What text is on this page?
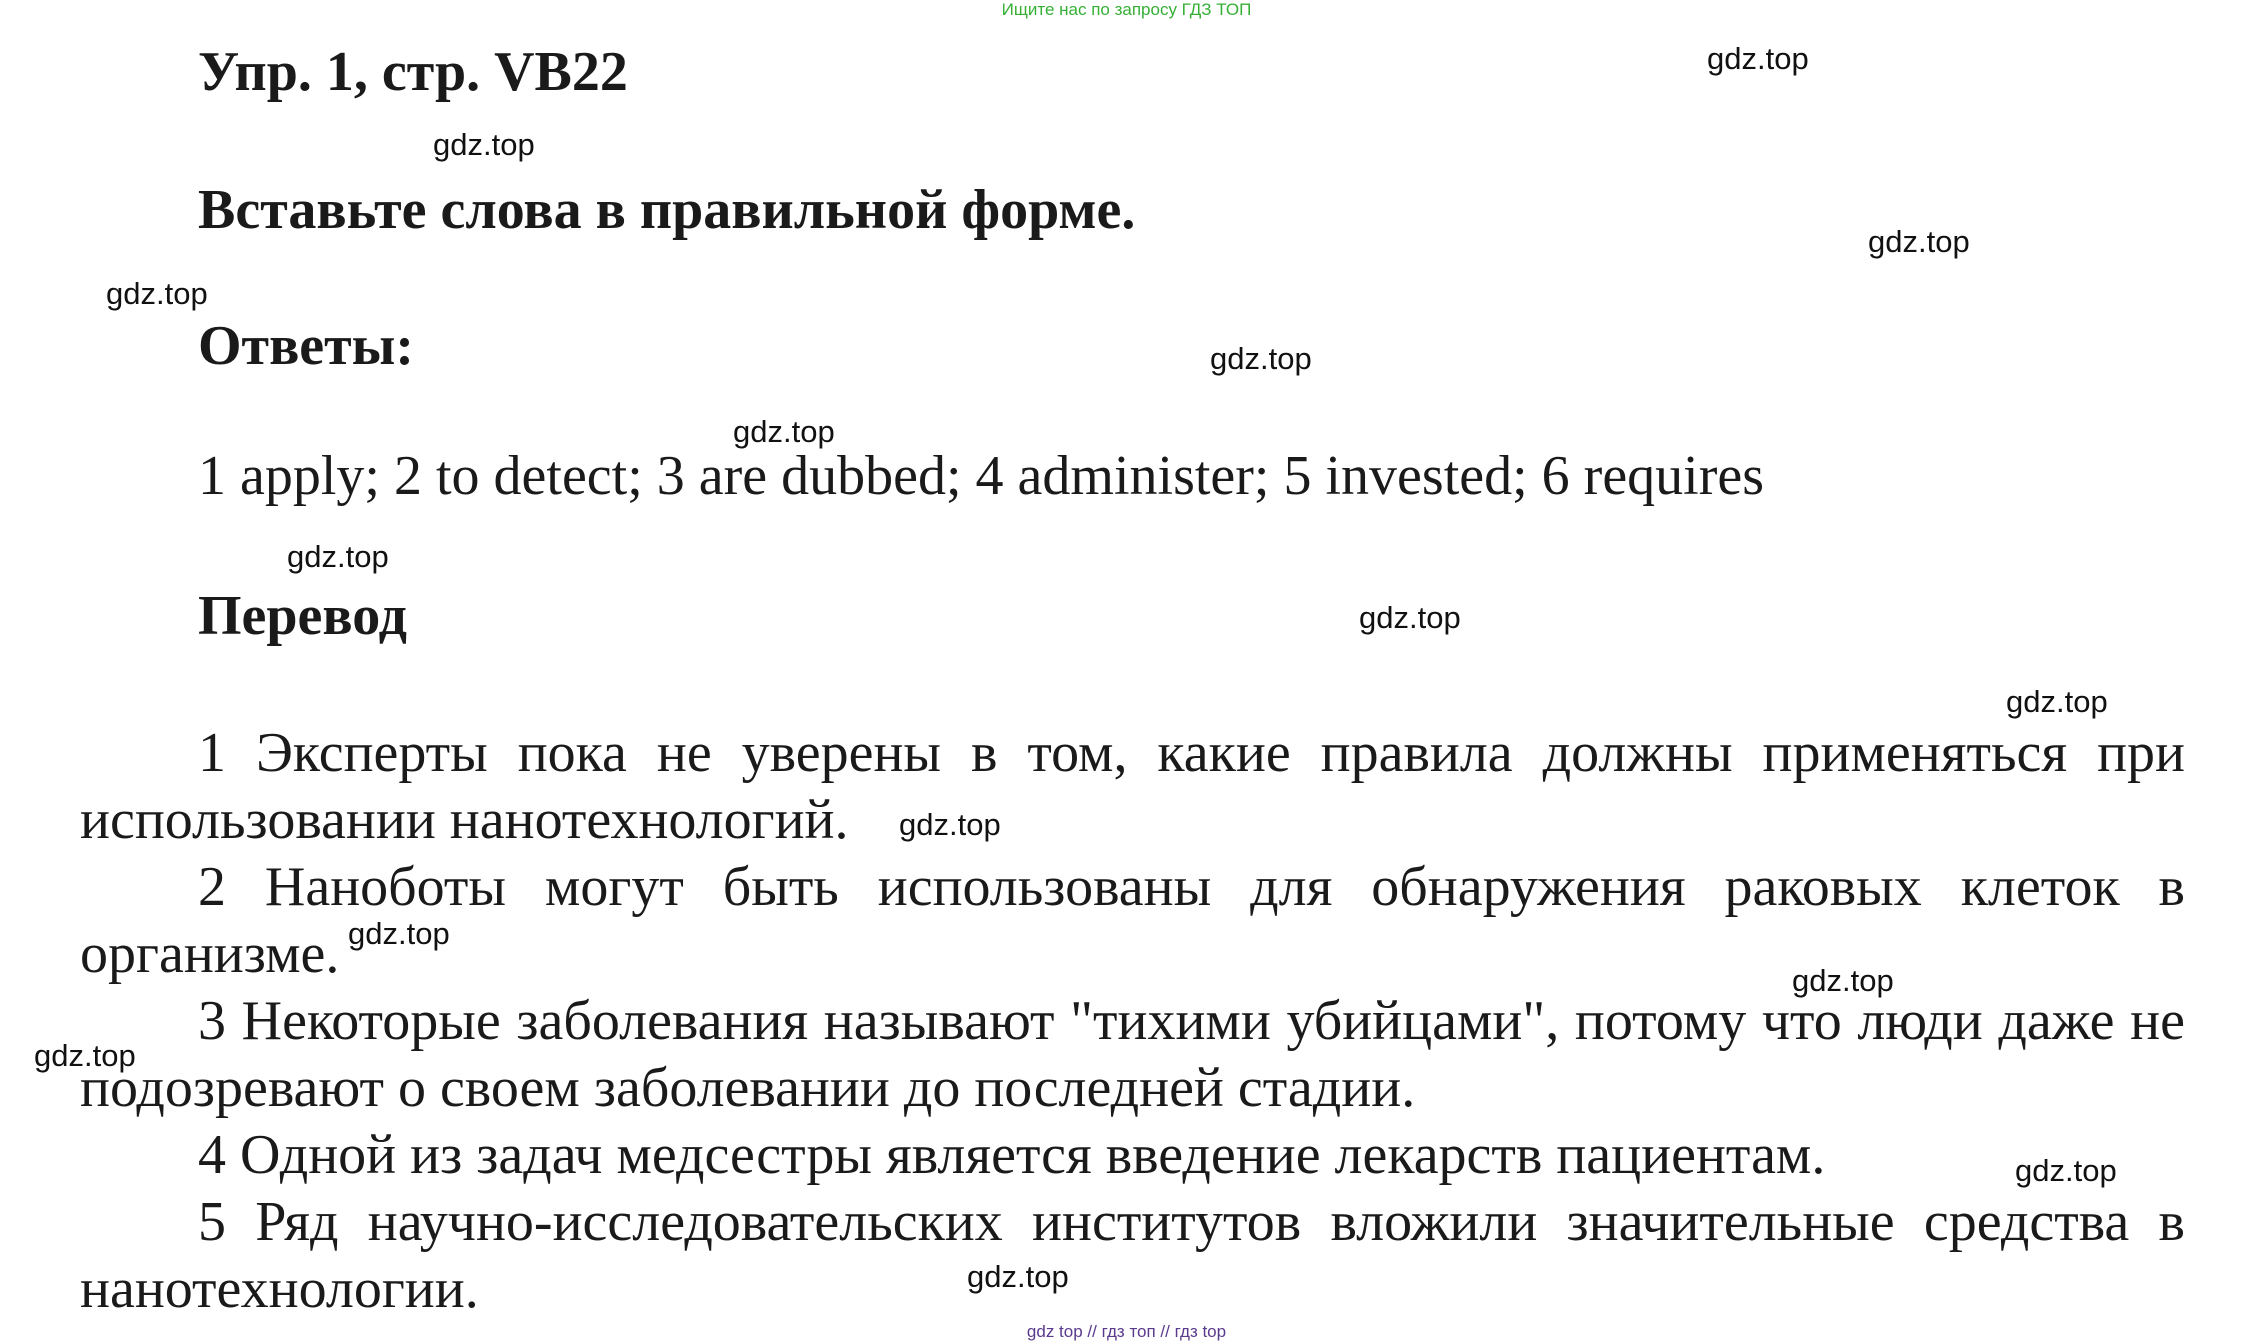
Ищите нас по запросу ГДЗ ТОП
Упр. 1, стр. VB22
Вставьте слова в правильной форме.
Ответы:
1 apply; 2 to detect; 3 are dubbed; 4 administer; 5 invested; 6 requires
Перевод

1 Эксперты пока не уверены в том, какие правила должны применяться при использовании нанотехнологий.

2 Наноботы могут быть использованы для обнаружения раковых клеток в организме.

3 Некоторые заболевания называют "тихими убийцами", потому что люди даже не подозревают о своем заболевании до последней стадии.

4 Одной из задач медсестры является введение лекарств пациентам.

5 Ряд научно-исследовательских институтов вложили значительные средства в нанотехнологии.

gdz.top
gdz.top
gdz.top
gdz.top
gdz.top
gdz.top
gdz.top
gdz.top
gdz.top
gdz.top
gdz.top
gdz.top
gdz.top
gdz.top
gdz.top
gdz top // гдз топ // гдз top
